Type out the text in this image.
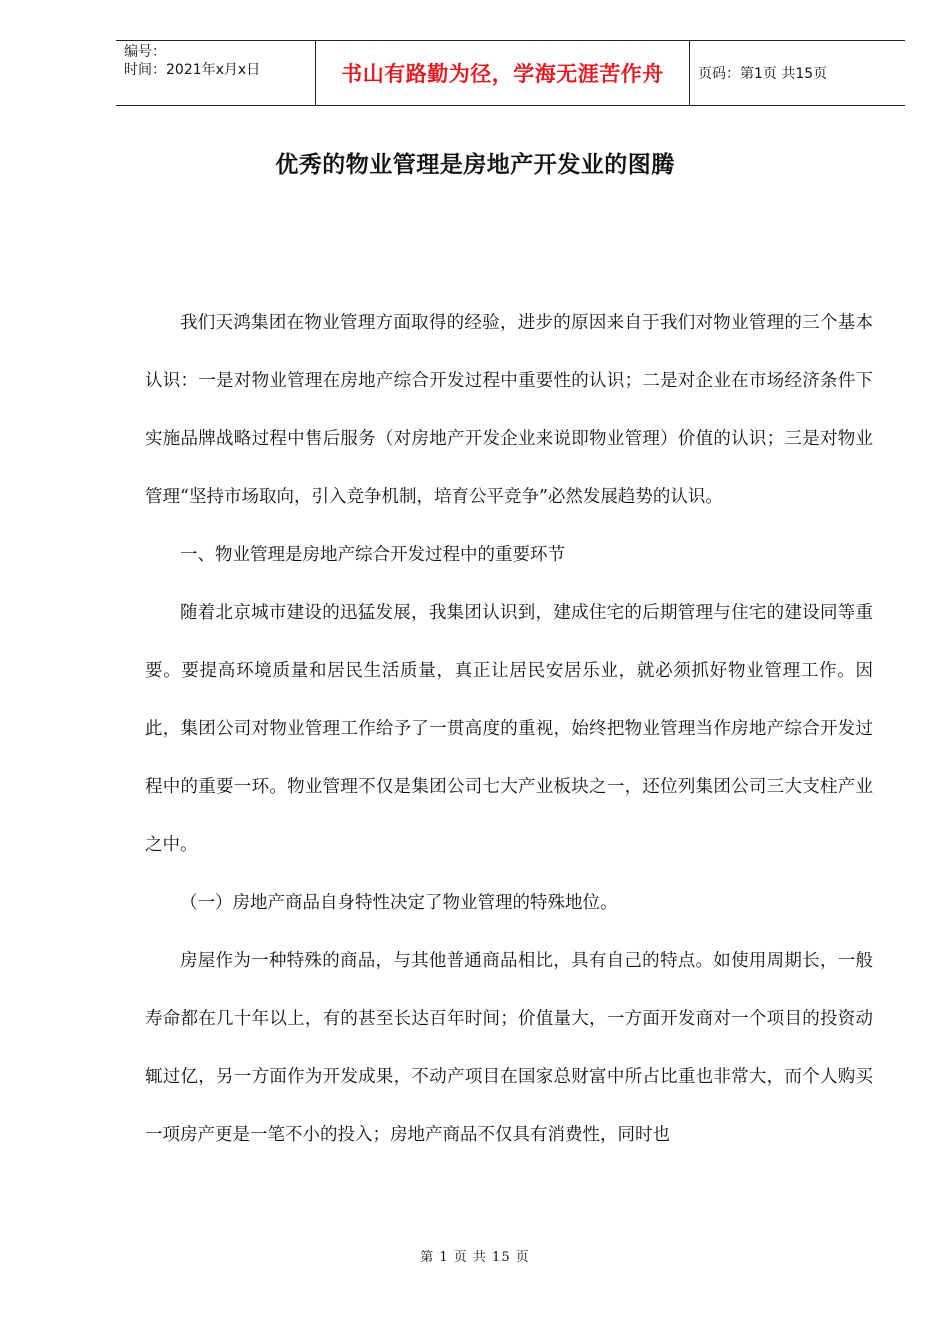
编号：
时间：2021年x月x日	书山有路勤为径，学海无涯苦作舟 页码：第1页 共15页
优秀的物业管理是房地产开发业的图腾

我们天鸿集团在物业管理方面取得的经验，进步的原因来自于我们对物业管理的三个基本认识：一是对物业管理在房地产综合开发过程中重要性的认识；二是对企业在市场经济条件下实施品牌战略过程中售后服务（对房地产开发企业来说即物业管理）价值的认识；三是对物业管理“坚持市场取向，引入竞争机制，培育公平竞争”必然发展趋势的认识。

一、物业管理是房地产综合开发过程中的重要环节

随着北京城市建设的迅猛发展，我集团认识到，建成住宅的后期管理与住宅的建设同等重要。要提高环境质量和居民生活质量，真正让居民安居乐业，就必须抓好物业管理工作。因此，集团公司对物业管理工作给予了一贯高度的重视，始终把物业管理当作房地产综合开发过程中的重要一环。物业管理不仅是集团公司七大产业板块之一，还位列集团公司三大支柱产业之中。

（一）房地产商品自身特性决定了物业管理的特殊地位。

房屋作为一种特殊的商品，与其他普通商品相比，具有自己的特点。如使用周期长，一般寿命都在几十年以上，有的甚至长达百年时间；价值量大，一方面开发商对一个项目的投资动辄过亿，另一方面作为开发成果，不动产项目在国家总财富中所占比重也非常大，而个人购买一项房产更是一笔不小的投入；房地产商品不仅具有消费性，同时也

第 1 页 共 15 页
